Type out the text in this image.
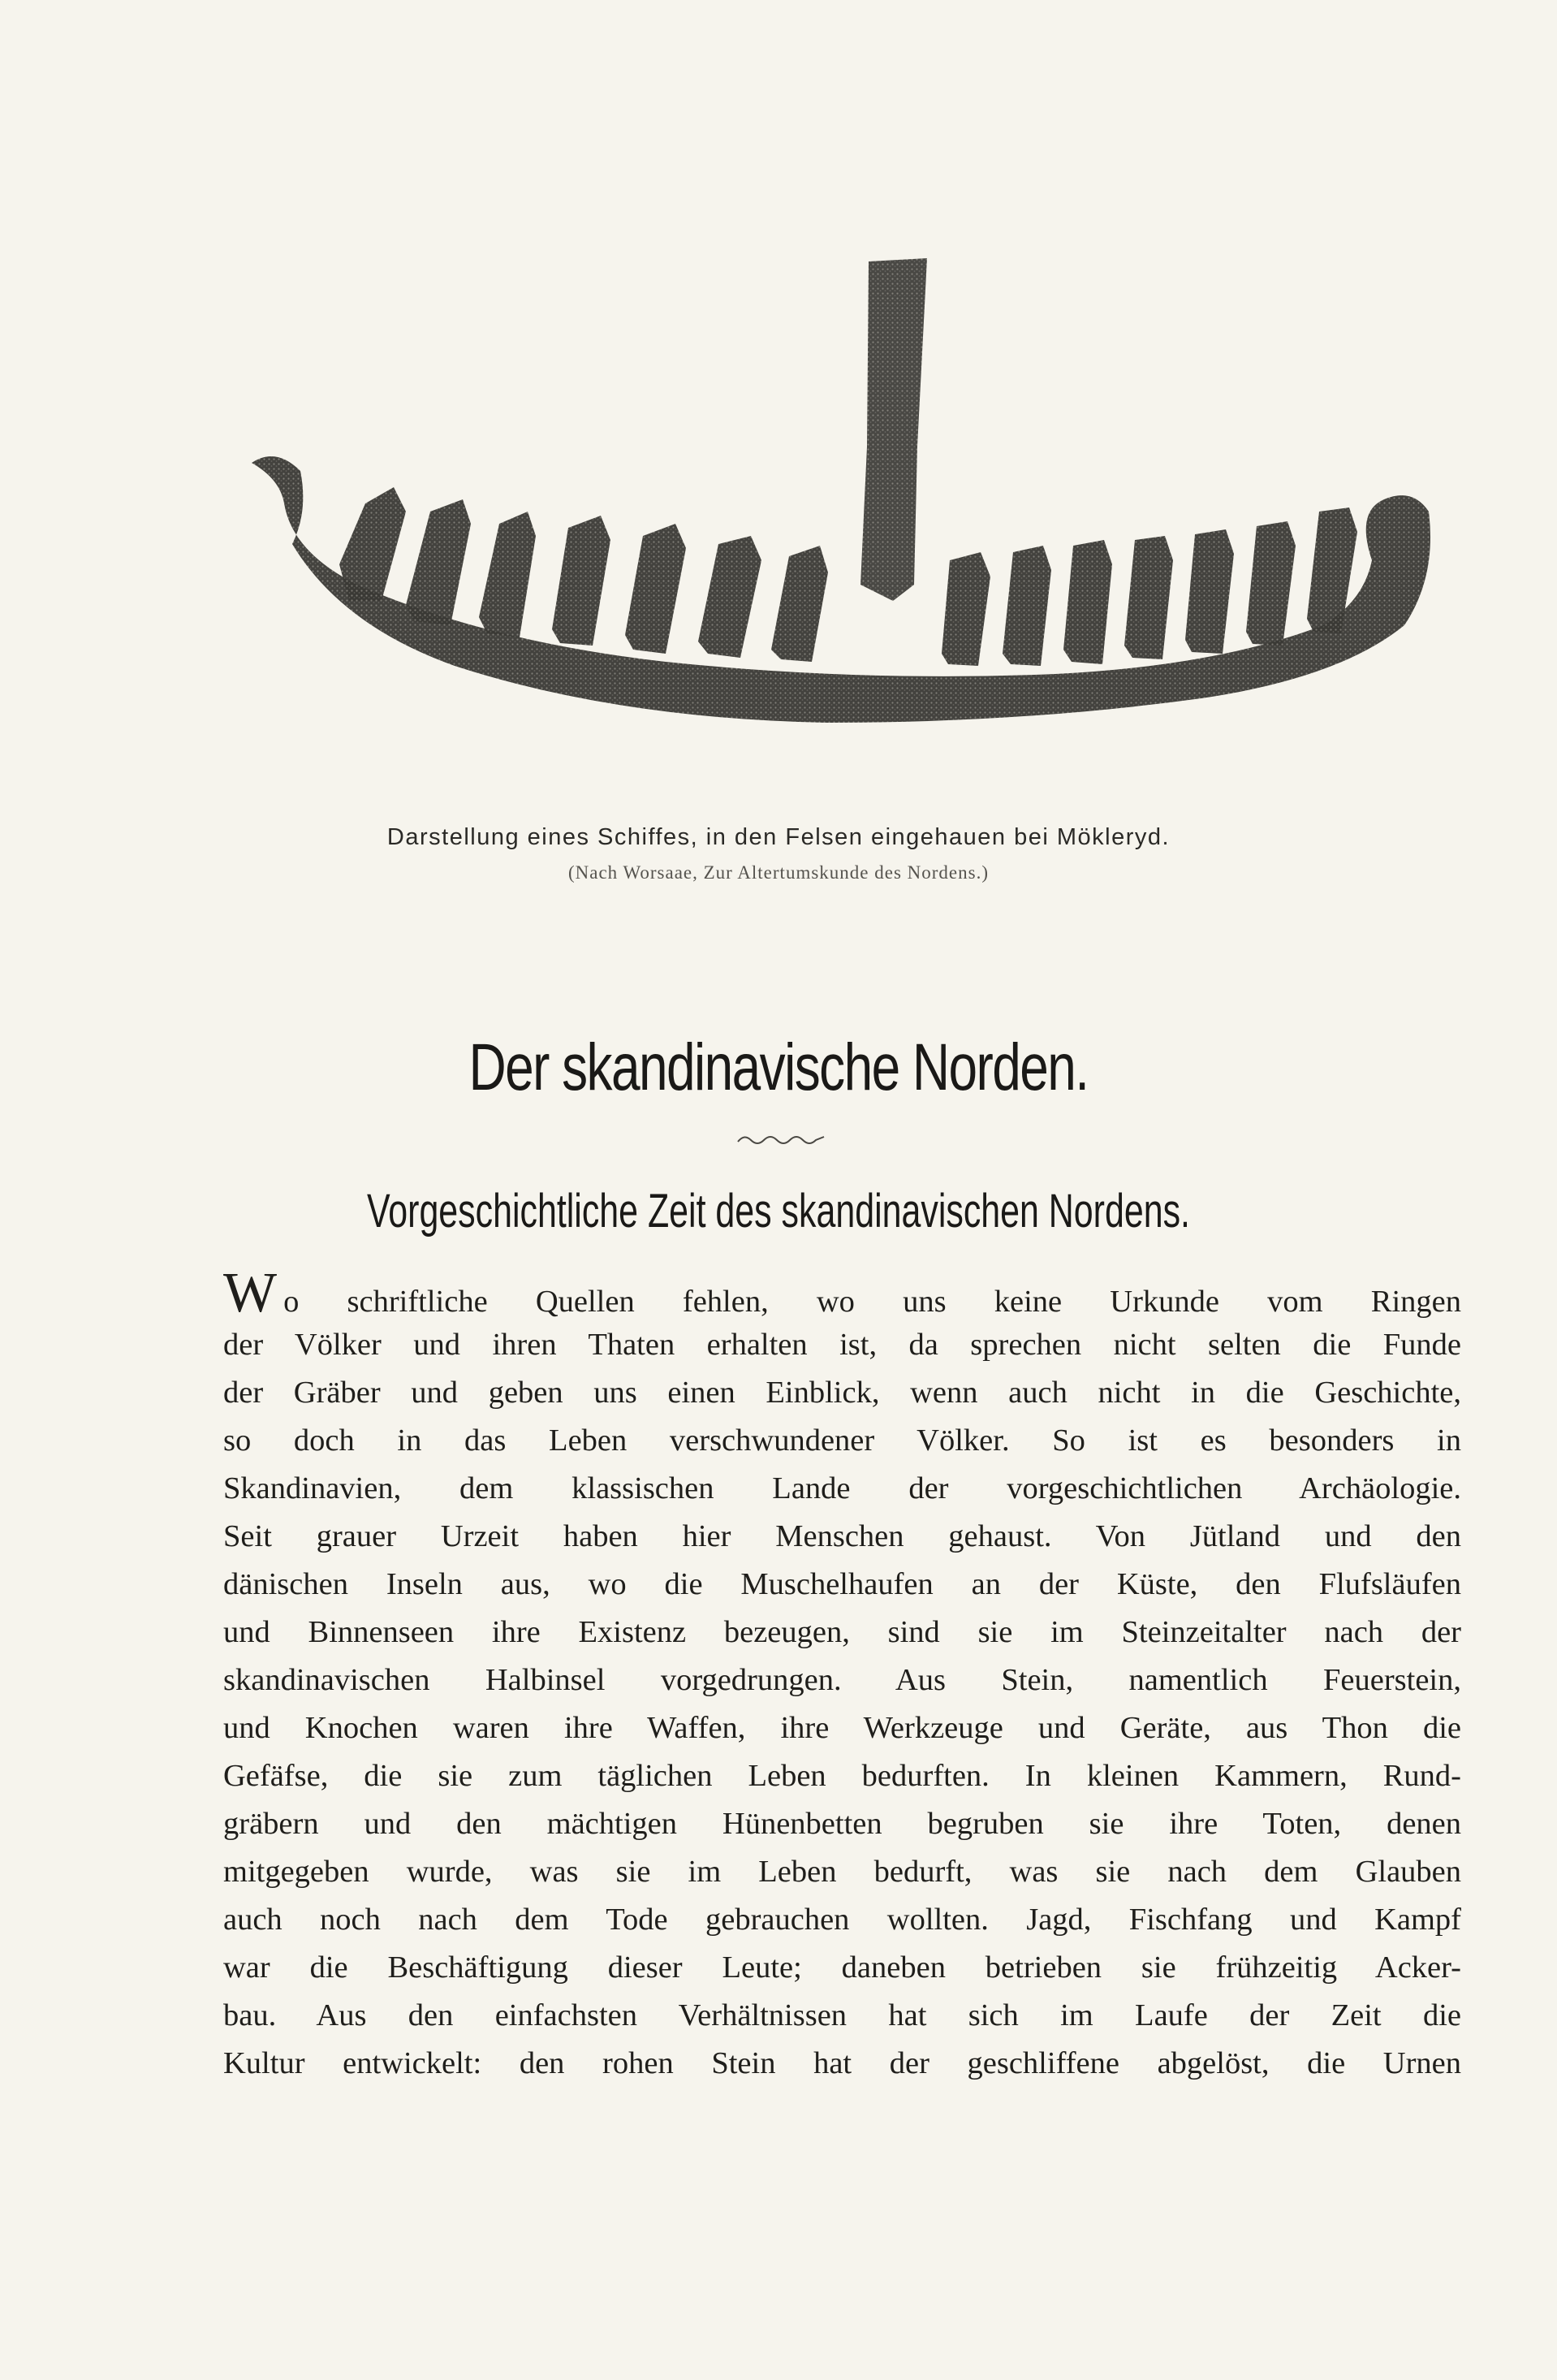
Darstellung eines Schiffes, in den Felsen eingehauen bei Mökleryd.
(Nach Worsaae, Zur Altertumskunde des Nordens.)
Der skandinavische Norden.
Vorgeschichtliche Zeit des skandinavischen Nordens.
W o schriftliche Quellen fehlen, wo uns keine Urkunde vom Ringen
der Völker und ihren Thaten erhalten ist, da sprechen nicht selten die Funde
der Gräber und geben uns einen Einblick, wenn auch nicht in die Geschichte,
so doch in das Leben verschwundener Völker. So ist es besonders in
Skandinavien, dem klassischen Lande der vorgeschichtlichen Archäologie.
Seit grauer Urzeit haben hier Menschen gehaust. Von Jütland und den
dänischen Inseln aus, wo die Muschelhaufen an der Küste, den Flufsläufen
und Binnenseen ihre Existenz bezeugen, sind sie im Steinzeitalter nach der
skandinavischen Halbinsel vorgedrungen. Aus Stein, namentlich Feuerstein,
und Knochen waren ihre Waffen, ihre Werkzeuge und Geräte, aus Thon die
Gefäfse, die sie zum täglichen Leben bedurften. In kleinen Kammern, Rund-
gräbern und den mächtigen Hünenbetten begruben sie ihre Toten, denen
mitgegeben wurde, was sie im Leben bedurft, was sie nach dem Glauben
auch noch nach dem Tode gebrauchen wollten. Jagd, Fischfang und Kampf
war die Beschäftigung dieser Leute; daneben betrieben sie frühzeitig Acker-
bau. Aus den einfachsten Verhältnissen hat sich im Laufe der Zeit die
Kultur entwickelt: den rohen Stein hat der geschliffene abgelöst, die Urnen
